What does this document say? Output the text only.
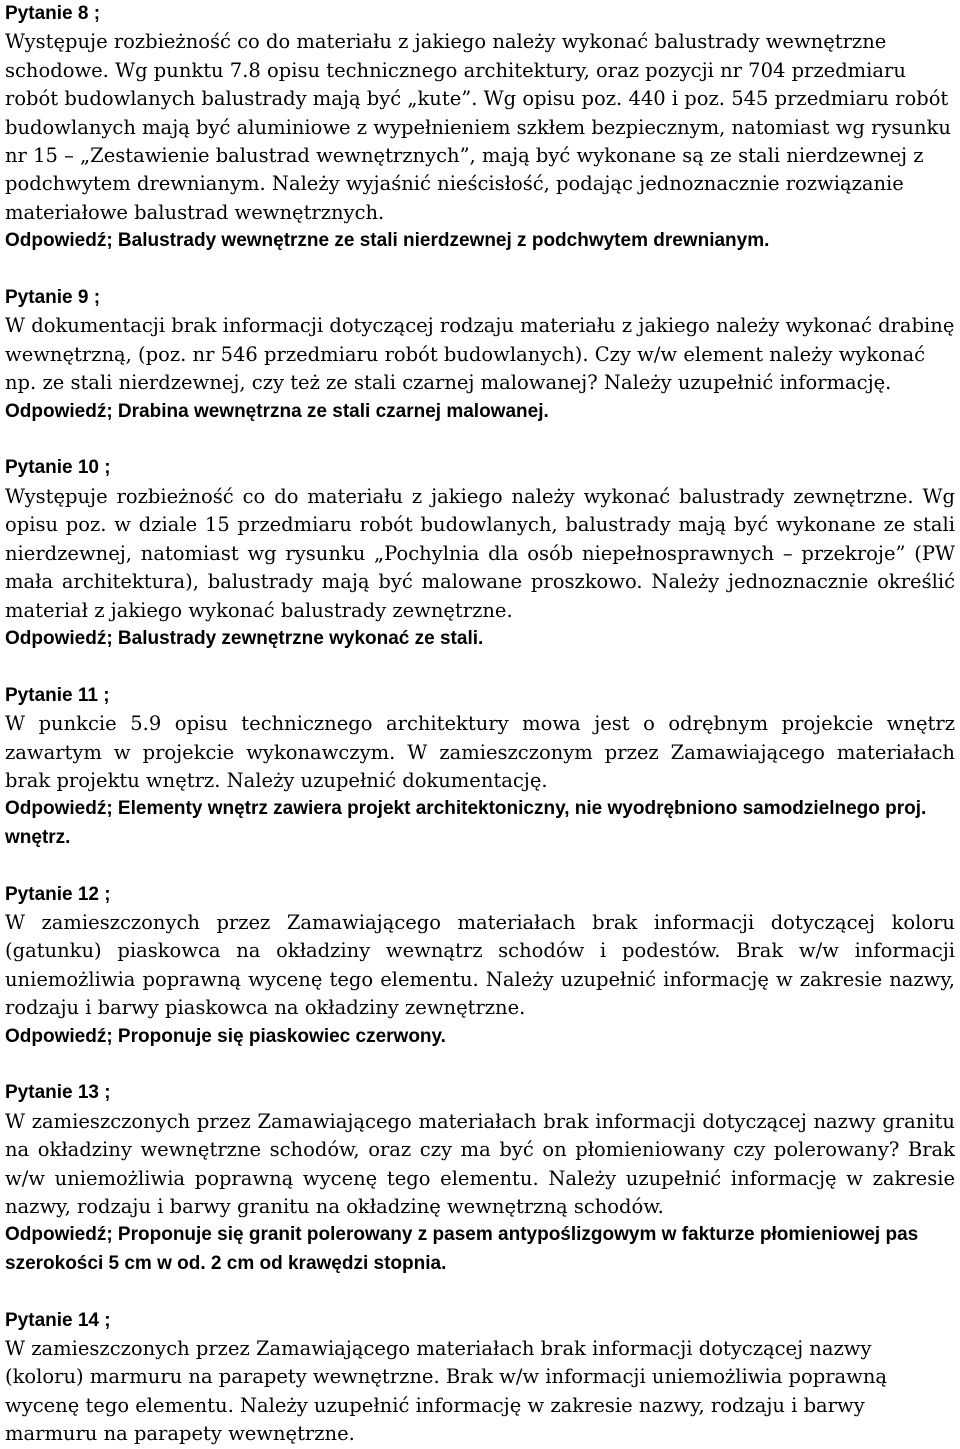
Pytanie 8 ;
Występuje rozbieżność co do materiału z jakiego należy wykonać balustrady wewnętrzne schodowe. Wg punktu 7.8 opisu technicznego architektury, oraz pozycji nr 704 przedmiaru robót budowlanych balustrady mają być „kute”. Wg opisu poz. 440 i poz. 545 przedmiaru robót budowlanych mają być aluminiowe z wypełnieniem szkłem bezpiecznym, natomiast wg rysunku nr 15 – „Zestawienie balustrad wewnętrznych”, mają być wykonane są ze stali nierdzewnej z podchwytem drewnianym. Należy wyjaśnić nieścisłość, podając jednoznacznie rozwiązanie materiałowe balustrad wewnętrznych.
Odpowiedź; Balustrady wewnętrzne ze stali nierdzewnej z podchwytem drewnianym.
Pytanie 9 ;
W dokumentacji brak informacji dotyczącej rodzaju materiału z jakiego należy wykonać drabinę wewnętrzną, (poz. nr 546 przedmiaru robót budowlanych). Czy w/w element należy wykonać np. ze stali nierdzewnej, czy też ze stali czarnej malowanej? Należy uzupełnić informację.
Odpowiedź; Drabina wewnętrzna ze stali czarnej malowanej.
Pytanie 10 ;
Występuje rozbieżność co do materiału z jakiego należy wykonać balustrady zewnętrzne. Wg opisu poz. w dziale 15 przedmiaru robót budowlanych, balustrady mają być wykonane ze stali nierdzewnej, natomiast wg rysunku „Pochylnia dla osób niepełnosprawnych – przekroje” (PW mała architektura), balustrady mają być malowane proszkowo. Należy jednoznacznie określić materiał z jakiego wykonać balustrady zewnętrzne.
Odpowiedź; Balustrady zewnętrzne wykonać ze stali.
Pytanie 11 ;
W punkcie 5.9 opisu technicznego architektury mowa jest o odrębnym projekcie wnętrz zawartym w projekcie wykonawczym. W zamieszczonym przez Zamawiającego materiałach brak projektu wnętrz. Należy uzupełnić dokumentację.
Odpowiedź; Elementy wnętrz zawiera projekt architektoniczny, nie wyodrębniono samodzielnego proj. wnętrz.
Pytanie 12 ;
W zamieszczonych przez Zamawiającego materiałach brak informacji dotyczącej koloru (gatunku) piaskowca na okładziny wewnątrz schodów i podestów. Brak w/w informacji uniemożliwia poprawną wycenę tego elementu. Należy uzupełnić informację w zakresie nazwy, rodzaju i barwy piaskowca na okładziny zewnętrzne.
Odpowiedź; Proponuje się piaskowiec czerwony.
Pytanie 13 ;
W zamieszczonych przez Zamawiającego materiałach brak informacji dotyczącej nazwy granitu na okładziny wewnętrzne schodów, oraz czy ma być on płomieniowany czy polerowany? Brak w/w uniemożliwia poprawną wycenę tego elementu. Należy uzupełnić informację w zakresie nazwy, rodzaju i barwy granitu na okładzinę wewnętrzną schodów.
Odpowiedź; Proponuje się granit polerowany z pasem antypoślizgowym w fakturze płomieniowej pas szerokości 5 cm w od. 2 cm od krawędzi stopnia.
Pytanie 14 ;
W zamieszczonych przez Zamawiającego materiałach brak informacji dotyczącej nazwy (koloru) marmuru na parapety wewnętrzne. Brak w/w informacji uniemożliwia poprawną wycenę tego elementu. Należy uzupełnić informację w zakresie nazwy, rodzaju i barwy marmuru na parapety wewnętrzne.
